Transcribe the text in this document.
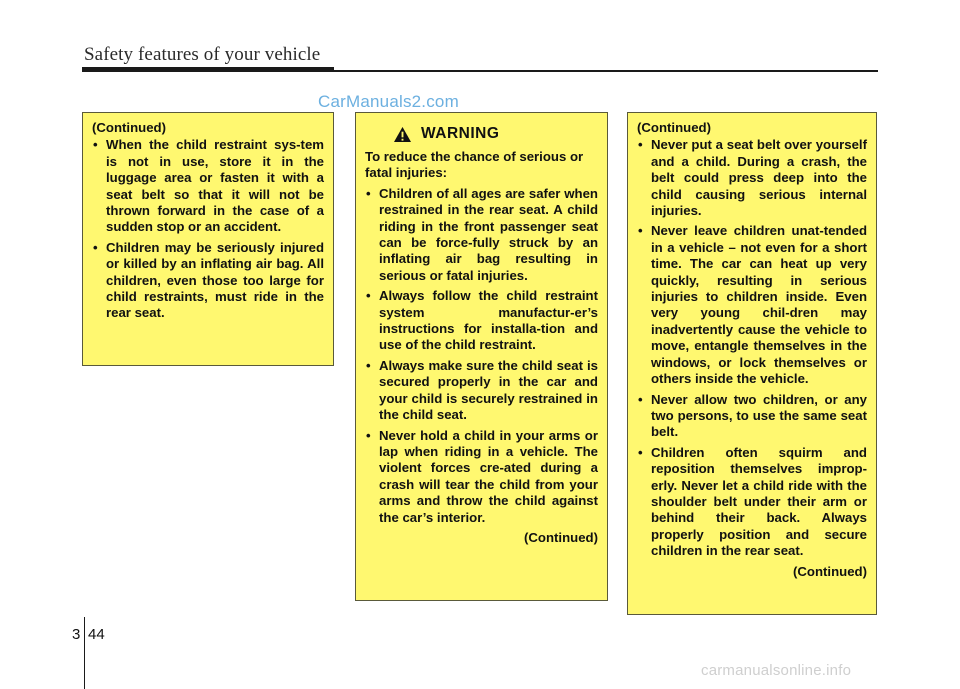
Safety features of your vehicle
CarManuals2.com
(Continued)
• When the child restraint sys-tem is not in use, store it in the luggage area or fasten it with a seat belt so that it will not be thrown forward in the case of a sudden stop or an accident.
• Children may be seriously injured or killed by an inflating air bag. All children, even those too large for child restraints, must ride in the rear seat.
WARNING
To reduce the chance of serious or fatal injuries:
• Children of all ages are safer when restrained in the rear seat. A child riding in the front passenger seat can be force-fully struck by an inflating air bag resulting in serious or fatal injuries.
• Always follow the child restraint system manufactur-er’s instructions for installa-tion and use of the child restraint.
• Always make sure the child seat is secured properly in the car and your child is securely restrained in the child seat.
• Never hold a child in your arms or lap when riding in a vehicle. The violent forces cre-ated during a crash will tear the child from your arms and throw the child against the car’s interior.
(Continued)
(Continued)
• Never put a seat belt over yourself and a child. During a crash, the belt could press deep into the child causing serious internal injuries.
• Never leave children unat-tended in a vehicle – not even for a short time. The car can heat up very quickly, resulting in serious injuries to children inside. Even very young chil-dren may inadvertently cause the vehicle to move, entangle themselves in the windows, or lock themselves or others inside the vehicle.
• Never allow two children, or any two persons, to use the same seat belt.
• Children often squirm and reposition themselves improp-erly. Never let a child ride with the shoulder belt under their arm or behind their back. Always properly position and secure children in the rear seat.
(Continued)
3 44
carmanualsonline.info
